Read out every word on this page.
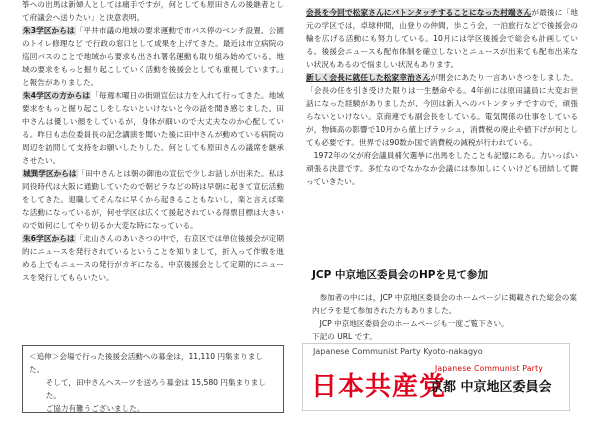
筝への出馬は新婦人としては痛手ですが，何としても原田さんの後継者として府議会へ送りたい」と決意表明。

朱3学区からは「平井市議の地域の要求運動で市バス停のベンチ設置、公園のトイレ修理など で行政の窓口として成果を上げてきた。最近は市立病院の巡回バスのことで地域から要求も出され署名運動も取り組み始めている。地域の要求をもっと掘り起こしていく活動を後援会としても重視しています。」と報告がありました。

朱4学区の方からは「毎週木曜日の街頭宣伝は力を入れて行ってきた。地域要求をもっと掘り起こしをしないといけないと今の話を聞き感じました。田中さんは優しい顔をしているが，身体が細いので大丈夫なのか心配している。昨日も志位委員長の記念講演を聞いた後に田中さんが動めている病院の周辺を訪問して支持をお願いしたりした。何としても原田さんの議席を継承させたい。

城巽学区からは「田中さんとは朝の御池の宣伝で少しお話しが出来た。私は同役時代は大阪に通勤していたので朝ビラなどの時は早朝に起きて宣伝活動をしてきた。退職してそんなに早くから起きることもないし，楽と言えば楽な活動になっているが，何せ学区は広くて援起されている得票目標は大きいので如何にしてやり切るか大変な時になっている。

朱6学区からは「北山さんのあいさつの中で，右京区では単位後援会が定期的にニュースを発行されているということを知りまして，折入って作戦を進める上でもニュースの発行がカギになる。中京後援会として定期的にニュースを発行してもらいたい。

会長を今回で松家さんにバトンタッチすることになった村端さんが最後に「地元の学区では，卓球仲間，山登りの仲間，歩こう会，一泊旅行などで後援会の輪を広げる活動にも努力している。10月には学区後援会で総会も計画している。後援会ニュースも配布体制を確立しないとニュースが出来ても配布出来ない状況もあるので悩ましい状況もあります。

新しく会長に就任した松家幸治さんが閉会にあたり一言あいさつをしました。「会長の任を引き受けた限りは一生懸命やる。4年前には原田議員に大変お世話になった経験がありましたが、今回は新人へのバトンタッチですので，頑張らないといけない。京商連でも副会長をしている。電気関係の仕事をしているが，物価高の影響で10月から値上げラッシュ，消費税の廃止や値下げが何としても必要です。世界では90数か国で消費税の減税が行われている。

1972年の父が府会議員補欠選挙に出馬をしたことも記憶にある。力いっぱい頑張る決意です。多忙なのでなかなか会議には参加しにくいけども団結して闘っていきたい。

JCP 中京地区委員会のHPを見て参加

参加者の中には，JCP 中京地区委員会のホームページに掲載された総会の案内ビラを見て参加された方もありました。

JCP 中京地区委員会のホームページも一度ご覧下さい。

下記の URL です。

＜追伸＞会場で行った後援会活動への募金は，11,110 円集まりました。

そして，田中さんへスーツを送ろう募金は 15,580 円集まりました。

ご協力有難うございました。

Japanese Communist Party Kyoto-nakagyo
日本共産党
Japanese Communist Party
京都 中京地区委員会
